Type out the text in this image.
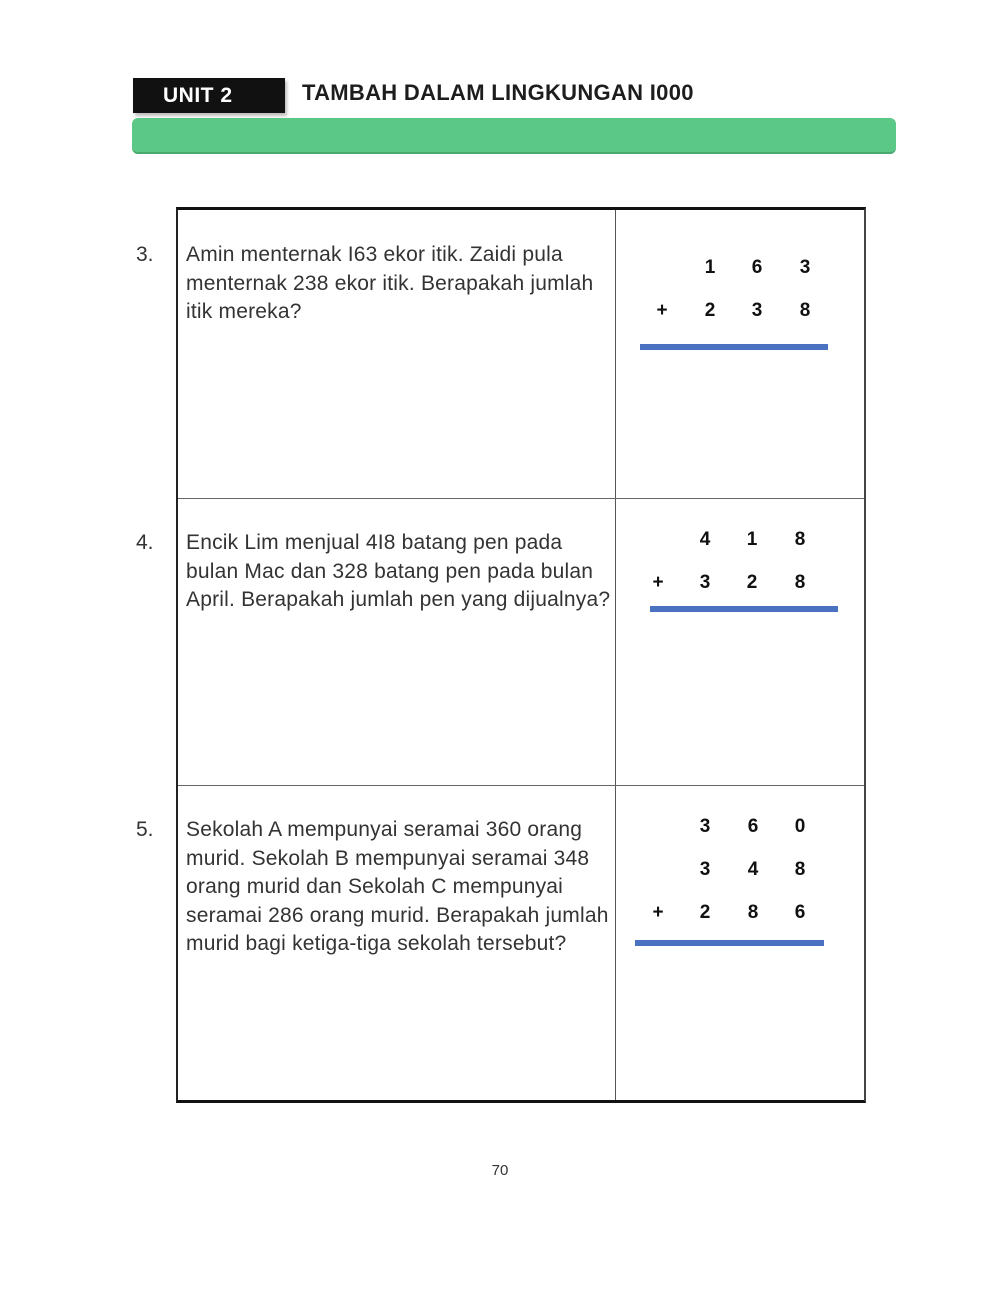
UNIT 2	TAMBAH DALAM LINGKUNGAN I000
3. Amin menternak I63 ekor itik. Zaidi pula menternak 238 ekor itik. Berapakah jumlah itik mereka?
1 6 3
+ 2 3 8
4. Encik Lim menjual 4I8 batang pen pada bulan Mac dan 328 batang pen pada bulan April. Berapakah jumlah pen yang dijualnya?
4 1 8
+ 3 2 8
5. Sekolah A mempunyai seramai 360 orang murid. Sekolah B mempunyai seramai 348 orang murid dan Sekolah C mempunyai seramai 286 orang murid. Berapakah jumlah murid bagi ketiga-tiga sekolah tersebut?
3 6 0
3 4 8
+ 2 8 6
70
